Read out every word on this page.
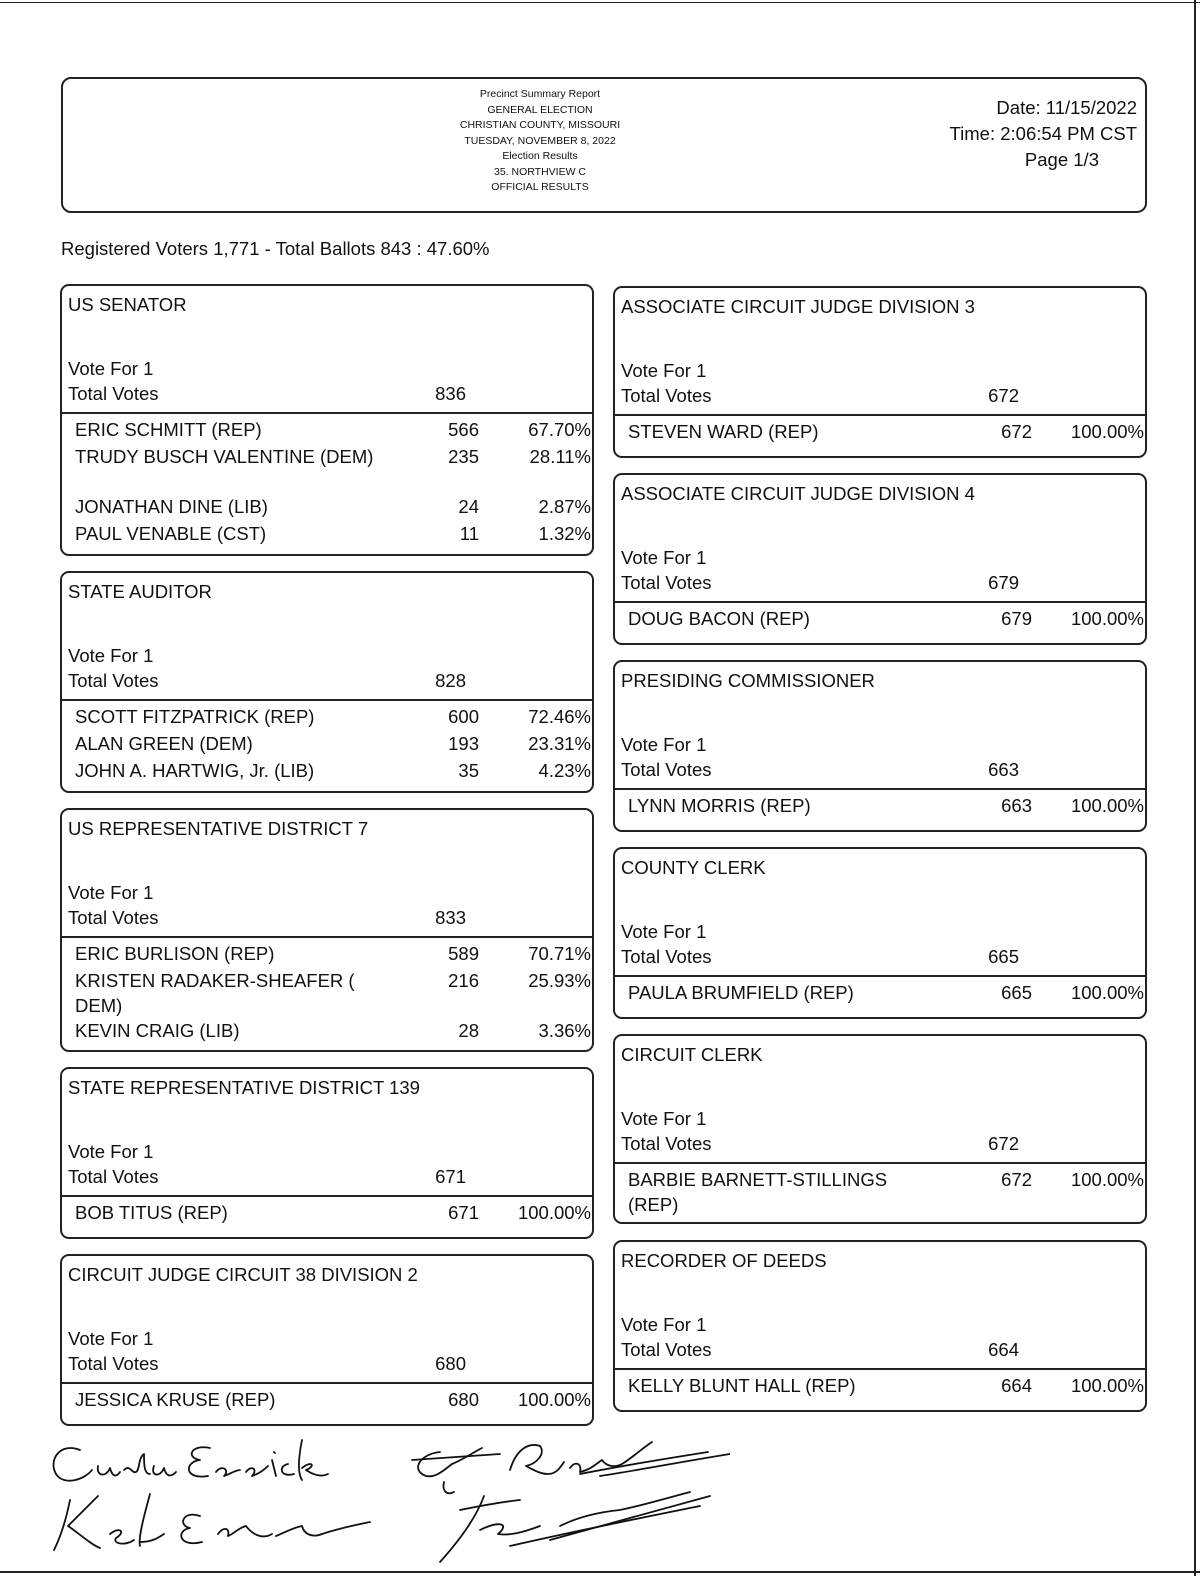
Precinct Summary Report
GENERAL ELECTION
CHRISTIAN COUNTY, MISSOURI
TUESDAY, NOVEMBER 8, 2022
Election Results
35. NORTHVIEW C
OFFICIAL RESULTS
Date: 11/15/2022
Time: 2:06:54 PM CST
Page 1/3
Registered Voters 1,771 - Total Ballots 843 : 47.60%
US SENATOR
Vote For 1
Total Votes	836
ERIC SCHMITT (REP)	566	67.70%
TRUDY BUSCH VALENTINE (DEM)	235	28.11%
JONATHAN DINE (LIB)	24	2.87%
PAUL VENABLE (CST)	11	1.32%
STATE AUDITOR
Vote For 1
Total Votes	828
SCOTT FITZPATRICK (REP)	600	72.46%
ALAN GREEN (DEM)	193	23.31%
JOHN A. HARTWIG, Jr. (LIB)	35	4.23%
US REPRESENTATIVE DISTRICT 7
Vote For 1
Total Votes	833
ERIC BURLISON (REP)	589	70.71%
KRISTEN RADAKER-SHEAFER ( DEM)
216	25.93%
KEVIN CRAIG (LIB)	28	3.36%
STATE REPRESENTATIVE DISTRICT 139
Vote For 1
Total Votes	671
BOB TITUS (REP)	671	100.00%
CIRCUIT JUDGE CIRCUIT 38 DIVISION 2
Vote For 1
Total Votes	680
JESSICA KRUSE (REP)	680	100.00%
ASSOCIATE CIRCUIT JUDGE DIVISION 3
Vote For 1
Total Votes	672
STEVEN WARD (REP)	672	100.00%
ASSOCIATE CIRCUIT JUDGE DIVISION 4
Vote For 1
Total Votes	679
DOUG BACON (REP)	679	100.00%
PRESIDING COMMISSIONER
Vote For 1
Total Votes	663
LYNN MORRIS (REP)	663	100.00%
COUNTY CLERK
Vote For 1
Total Votes	665
PAULA BRUMFIELD (REP)	665	100.00%
CIRCUIT CLERK
Vote For 1
Total Votes	672
BARBIE BARNETT-STILLINGS (REP)
672	100.00%
RECORDER OF DEEDS
Vote For 1
Total Votes	664
KELLY BLUNT HALL (REP)	664	100.00%
